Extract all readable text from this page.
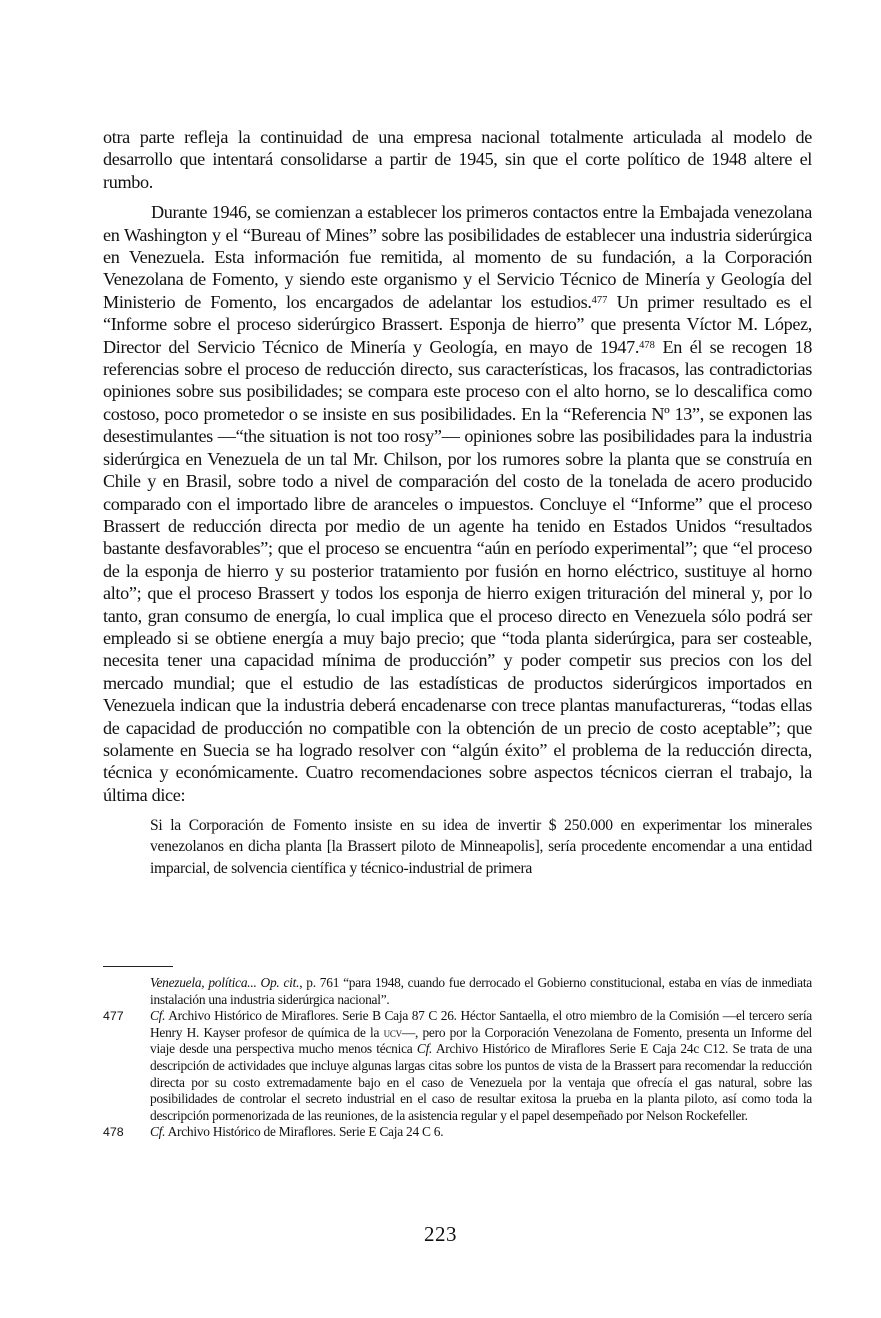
otra parte refleja la continuidad de una empresa nacional totalmente articulada al modelo de desarrollo que intentará consolidarse a partir de 1945, sin que el corte político de 1948 altere el rumbo.

Durante 1946, se comienzan a establecer los primeros contactos entre la Embajada venezolana en Washington y el “Bureau of Mines” sobre las posibilidades de establecer una industria siderúrgica en Venezuela. Esta información fue remitida, al momento de su fundación, a la Corporación Venezolana de Fomento, y siendo este organismo y el Servicio Técnico de Minería y Geología del Ministerio de Fomento, los encargados de adelantar los estudios.$^{477}$ Un primer resultado es el “Informe sobre el proceso siderúrgico Brassert. Esponja de hierro” que presenta Víctor M. López, Director del Servicio Técnico de Minería y Geología, en mayo de 1947.$^{478}$ En él se recogen 18 referencias sobre el proceso de reducción directo, sus características, los fracasos, las contradictorias opiniones sobre sus posibilidades; se compara este proceso con el alto horno, se lo descalifica como costoso, poco prometedor o se insiste en sus posibilidades. En la “Referencia Nº 13”, se exponen las desestimulantes —“the situation is not too rosy”— opiniones sobre las posibilidades para la industria siderúrgica en Venezuela de un tal Mr. Chilson, por los rumores sobre la planta que se construía en Chile y en Brasil, sobre todo a nivel de comparación del costo de la tonelada de acero producido comparado con el importado libre de aranceles o impuestos. Concluye el “Informe” que el proceso Brassert de reducción directa por medio de un agente ha tenido en Estados Unidos “resultados bastante desfavorables”; que el proceso se encuentra “aún en período experimental”; que “el proceso de la esponja de hierro y su posterior tratamiento por fusión en horno eléctrico, sustituye al horno alto”; que el proceso Brassert y todos los esponja de hierro exigen trituración del mineral y, por lo tanto, gran consumo de energía, lo cual implica que el proceso directo en Venezuela sólo podrá ser empleado si se obtiene energía a muy bajo precio; que “toda planta siderúrgica, para ser costeable, necesita tener una capacidad mínima de producción” y poder competir sus precios con los del mercado mundial; que el estudio de las estadísticas de productos siderúrgicos importados en Venezuela indican que la industria deberá encadenarse con trece plantas manufactureras, “todas ellas de capacidad de producción no compatible con la obtención de un precio de costo aceptable”; que solamente en Suecia se ha logrado resolver con “algún éxito” el problema de la reducción directa, técnica y económicamente. Cuatro recomendaciones sobre aspectos técnicos cierran el trabajo, la última dice:

Si la Corporación de Fomento insiste en su idea de invertir $ 250.000 en experimentar los minerales venezolanos en dicha planta [la Brassert piloto de Minneapolis], sería procedente encomendar a una entidad imparcial, de solvencia científica y técnico-industrial de primera

Venezuela, política... Op. cit., p. 761 “para 1948, cuando fue derrocado el Gobierno constitucional, estaba en vías de inmediata instalación una industria siderúrgica nacional”.

477 Cf. Archivo Histórico de Miraflores. Serie B Caja 87 C 26. Héctor Santaella, el otro miembro de la Comisión —el tercero sería Henry H. Kayser profesor de química de la ucv—, pero por la Corporación Venezolana de Fomento, presenta un Informe del viaje desde una perspectiva mucho menos técnica Cf. Archivo Histórico de Miraflores Serie E Caja 24c C12. Se trata de una descripción de actividades que incluye algunas largas citas sobre los puntos de vista de la Brassert para recomendar la reducción directa por su costo extremadamente bajo en el caso de Venezuela por la ventaja que ofrecía el gas natural, sobre las posibilidades de controlar el secreto industrial en el caso de resultar exitosa la prueba en la planta piloto, así como toda la descripción pormenorizada de las reuniones, de la asistencia regular y el papel desempeñado por Nelson Rockefeller.

478 Cf. Archivo Histórico de Miraflores. Serie E Caja 24 C 6.

223
